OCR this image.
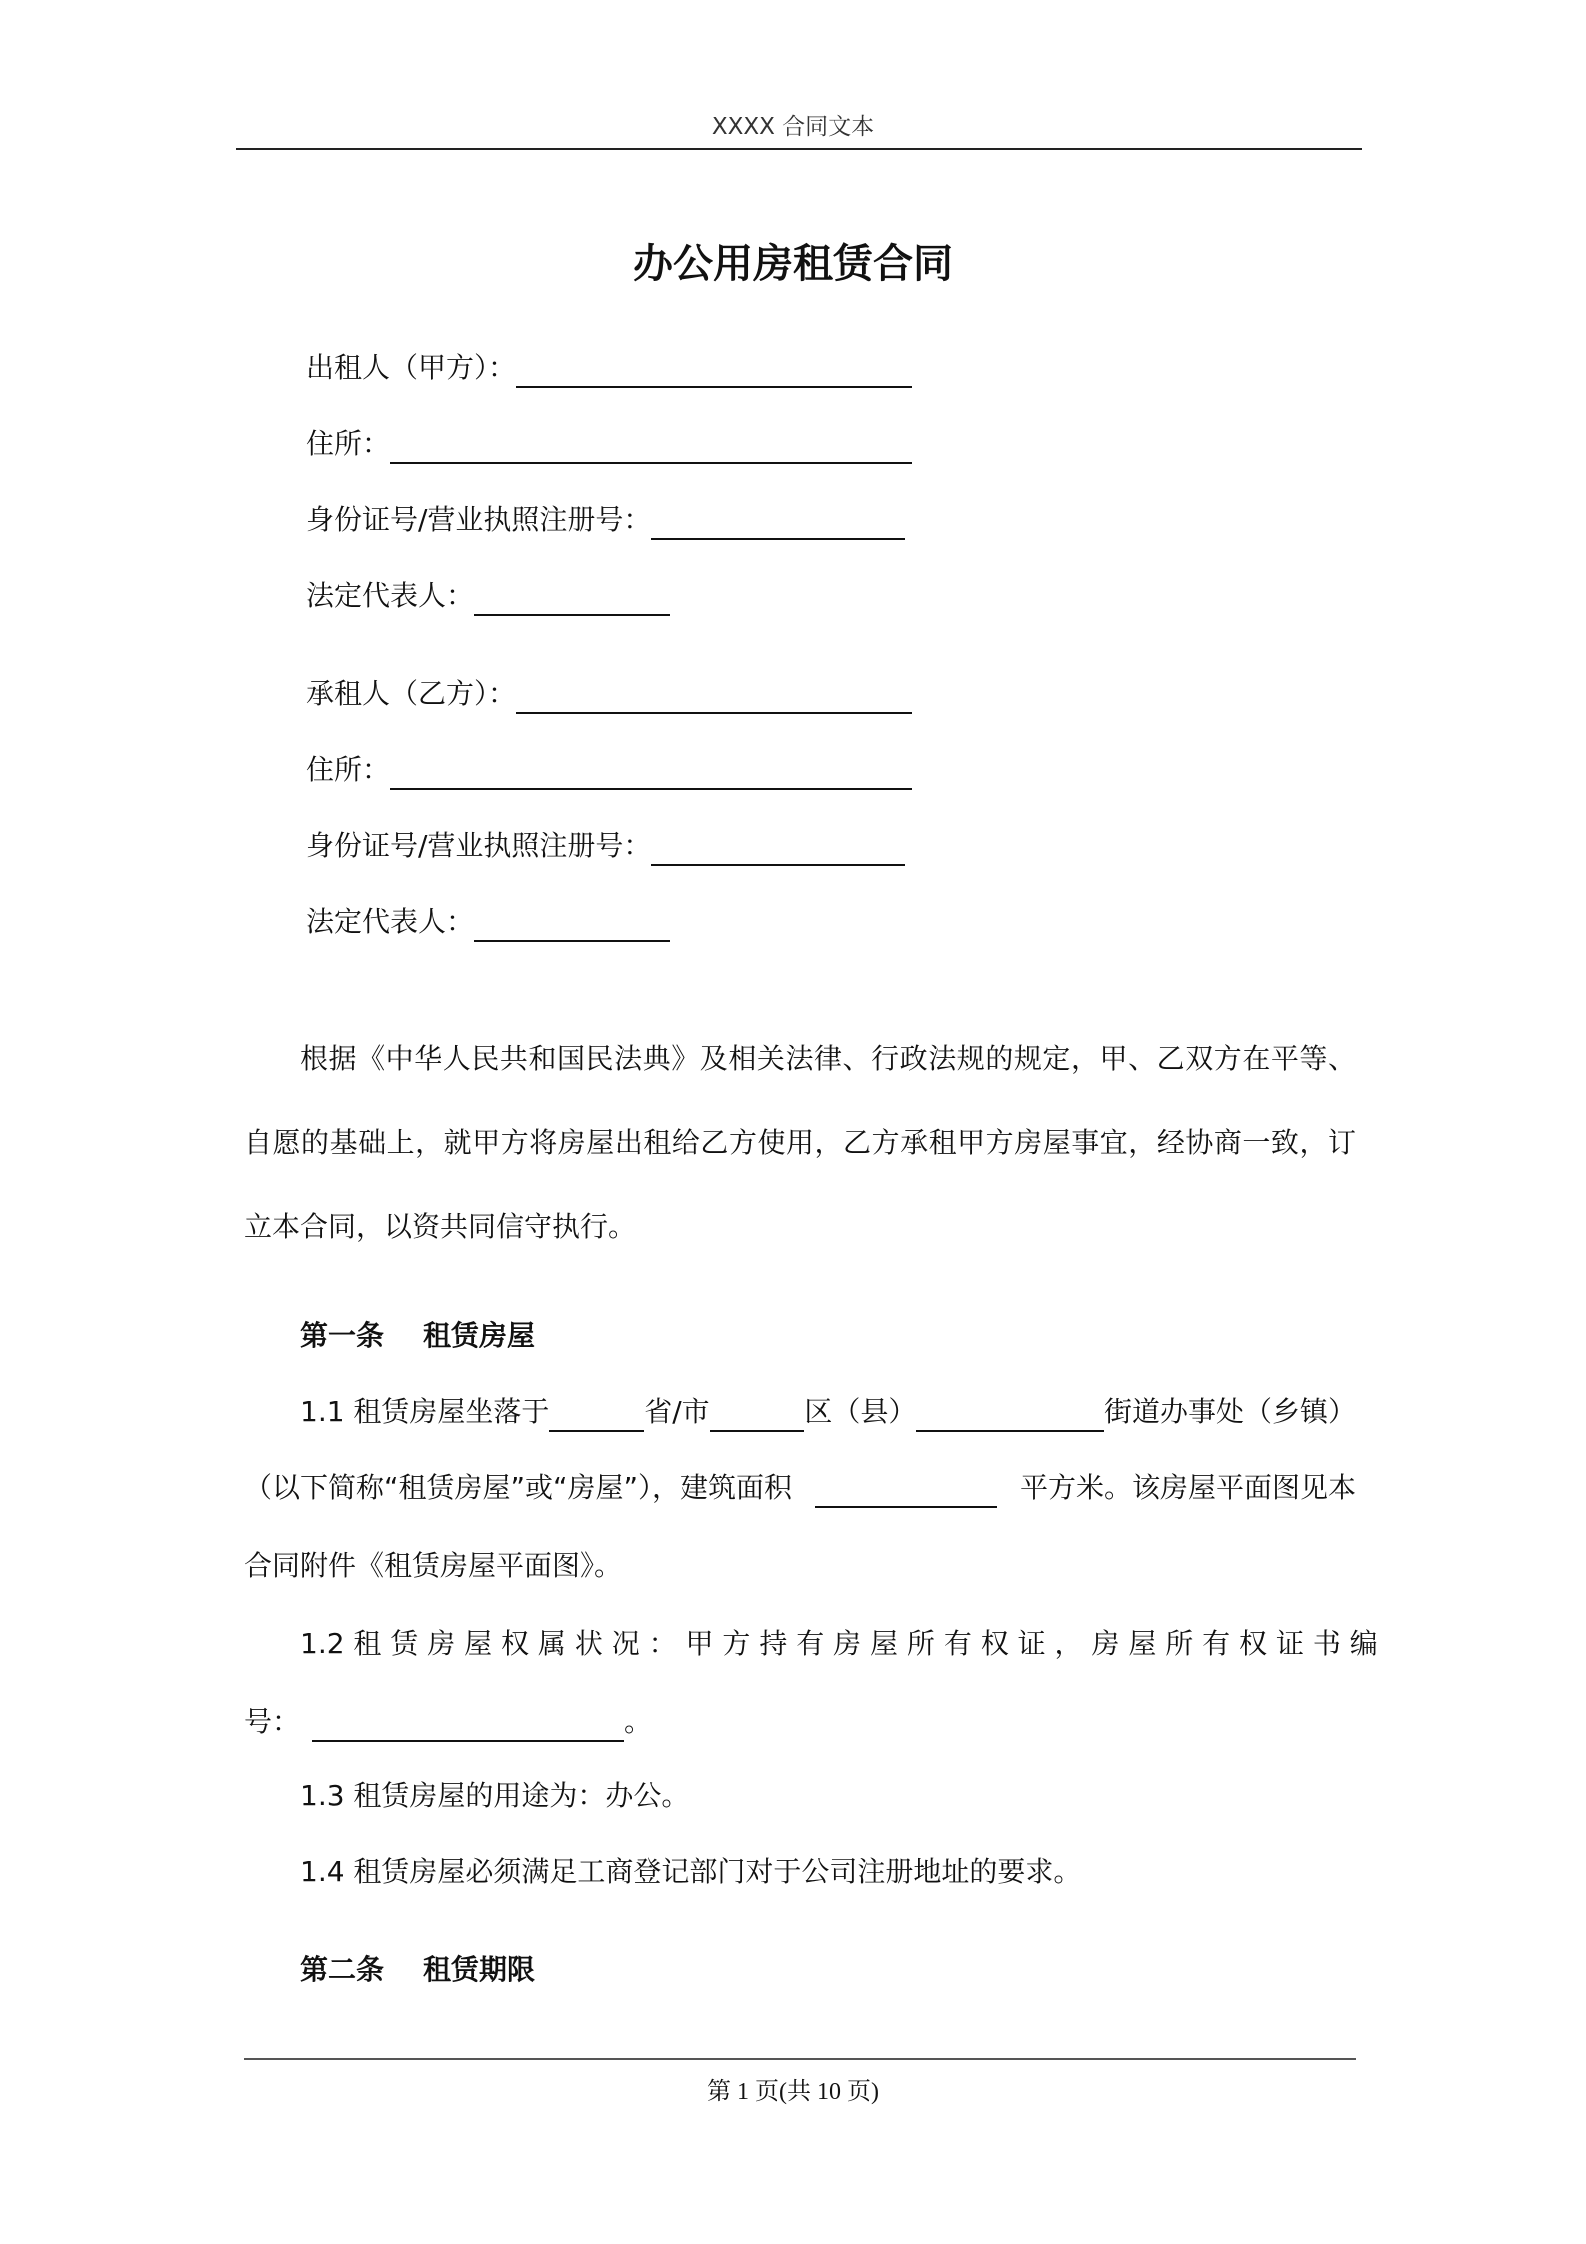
XXXX 合同文本
办公用房租赁合同
出租人（甲方）：
住所：
身份证号/营业执照注册号：
法定代表人：
承租人（乙方）：
住所：
身份证号/营业执照注册号：
法定代表人：
根据《中华人民共和国民法典》及相关法律、行政法规的规定，甲、乙双方在平等、自愿的基础上，就甲方将房屋出租给乙方使用，乙方承租甲方房屋事宜，经协商一致，订立本合同，以资共同信守执行。
第一条    租赁房屋
1.1 租赁房屋坐落于	省/市	区（县）	街道办事处（乡镇）
（以下简称“租赁房屋”或“房屋”），建筑面积	平方米。该房屋平面图见本
合同附件《租赁房屋平面图》。
1.2 租 赁 房 屋 权 属 状 况 ： 甲 方 持 有 房 屋 所 有 权 证 ， 房 屋 所 有 权 证 书 编
号：	。
1.3 租赁房屋的用途为：办公。
1.4 租赁房屋必须满足工商登记部门对于公司注册地址的要求。
第二条    租赁期限
第 1 页(共 10 页)
